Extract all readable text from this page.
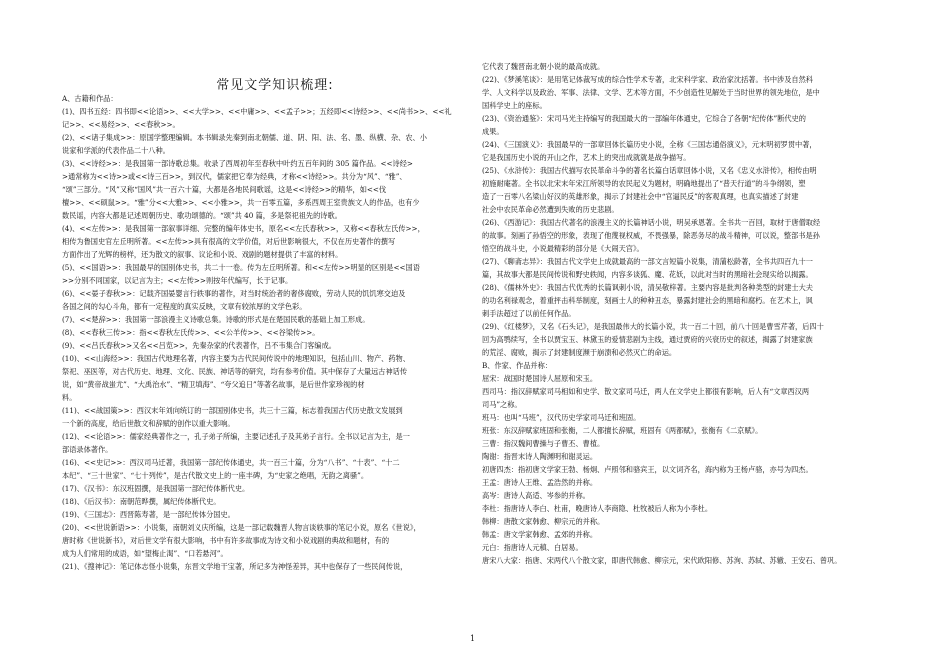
常见文学知识梳理:
A、古籍和作品：
(1)、四书五经：四书即<<论语>>、<<大学>>、<<中庸>>、<<孟子>>；五经即<<诗经>>、<<尚书>>、<<礼
记>>、<<易经>>、<<春秋>>。
(2)、<<诸子集成>>：原国学整理编辑。本书辑录先秦到南北朝儒、道、阴、阳、法、名、墨、纵横、杂、农、小
说家和学派的代表作品二十八种。
(3)、<<诗经>>：是我国第一部诗歌总集。收录了西周初年至春秋中叶约五百年间的 305 篇作品。<<诗经>
>通常称为<<诗>>或<<诗三百>>，到汉代，儒家把它奉为经典，才称<<诗经>>。共分为“风”、“雅”、
“颂”三部分。“风”又称“国风”共一百六十篇，大都是各地民间歌谣，这是<<诗经>>的精华，如<<伐
檀>>、<<硕鼠>>。“雅”分<<大雅>>、<<小雅>>，共一百零五篇，多系西周王室贵族文人的作品，也有少
数民谣，内容大都是记述周朝历史、歌功颂德的。“颂”共 40 篇，多是祭祀祖先的诗歌。
(4)、<<左传>>：是我国第一部叙事详细、完整的编年体史书，原名<<左氏春秋>>，又称<<春秋左氏传>>，
相传为鲁国史官左丘明所著。<<左传>>具有很高的文学价值，对后世影响很大，不仅在历史著作的撰写
方面作出了光辉的榜样，还为散文的叙事、议论和小说、戏剧的题材提供了丰富的材料。
(5)、<<国语>>：我国最早的国别体史书，共二十一卷。传为左丘明所著。和<<左传>>明显的区别是<<国语
>>分别不同国家，以记言为主；<<左传>>则按年代编写，长于记事。
(6)、<<晏子春秋>>：记载齐国晏婴言行轶事的著作，对当时统治者的奢侈腐败，劳动人民的饥饥寒交迫及
各国之间的勾心斗角，都有一定程度的真实反映，文章有较浓厚的文学色彩。
(7)、<<楚辞>>：我国第一部浪漫主义诗歌总集。诗歌的形式是在楚国民歌的基础上加工形成。
(8)、<<春秋三传>>：指<<春秋左氏传>>、<<公羊传>>、<<谷梁传>>。
(9)、<<吕氏春秋>>又名<<吕览>>，先秦杂家的代表著作，吕不韦集合门客编成。
(10)、<<山海经>>：我国古代地理名著，内容主要为古代民间传说中的地理知识，包括山川、物产、药物、
祭祀、巫医等，对古代历史、地理、文化、民族、神话等的研究，均有参考价值。其中保存了大量远古神话传
说，如“黄帝战蚩尤”、“大禹治水”、“精卫填海”、“夸父追日”等著名故事，是后世作家珍视的材
料。
(11)、<<战国策>>：西汉末年刘向统订的一部国别体史书，共三十三篇，标志着我国古代历史散文发展到
一个新的高度，给后世散文和辞赋的创作以重大影响。
(12)、<<论语>>：儒家经典著作之一，孔子弟子所编，主要记述孔子及其弟子言行。全书以记言为主，是一
部语录体著作。
(16)、<<史记>>：西汉司马迁著，我国第一部纪传体通史，共一百三十篇，分为“八书”、“十表”、“十二
本纪”、“三十世家”、“七十列传”，是古代散文史上的一座丰碑，为“史家之绝唱，无韵之离骚”。
(17)、《汉书》：东汉班固撰，是我国第一部纪传体断代史。
(18)、《后汉书》：南朝范晔撰，属纪传体断代史。
(19)、《三国志》：西晋陈寿著，是一部纪传体分国史。
(20)、<<世说新语>>：小说集，南朝刘义庆所编，这是一部记载魏晋人物言谈轶事的笔记小说，原名《世说》，
唐时称《世说新书》，对后世文学有很大影响，书中有许多故事成为诗文和小说戏剧的典故和题材，有的
成为人们常用的成语，如“望梅止渴”、“口若悬河”。
(21)、《搜神记》：笔记体志怪小说集，东晋文学地干宝著，所记多为神怪差异，其中也保存了一些民间传说，
它代表了魏晋南北朝小说的最高成就。
(22)、《梦溪笔谈》：是用笔记体裁写成的综合性学术专著，北宋科学家、政治家沈括著。书中涉及自然科
学、人文科学以及政治、军事、法律、文学、艺术等方面，不少创造性见解处于当时世界的领先地位，是中
国科学史上的座标。
(23)、《资治通鉴》：宋司马光主持编写的我国最大的一部编年体通史，它综合了各朝“纪传体”断代史的
成果。
(24)、《三国演义》：我国最早的一部章回体长篇历史小说，全称《三国志通俗演义》，元末明初罗贯中著，
它是我国历史小说的开山之作，艺术上的突出成就就是战争描写。
(25)、《水浒传》：我国古代描写农民革命斗争的著名长篇白话章回体小说，又名《忠义水浒传》，相传由明
初施耐庵著。全书以北宋末年宋江所领导的农民起义为题材，明确地提出了“普天行道”的斗争纲领，塑
造了一百零八名梁山好汉的英雄形象，揭示了封建社会中“官逼民反”的客观真理，也真实描述了封建
社会中农民革命必然遭到失败的历史悲剧。
(26)、《西游记》：我国古代著名的浪漫主义的长篇神话小说，明吴承恩著。全书共一百回，取材于唐僧取经
的故事。刻画了孙悟空的形象，表现了他蔑视权威，不畏强暴，除恶务尽的战斗精神，可以说，整部书是孙
悟空的战斗史，小说最精彩的部分是《大闹天宫》。
(27)、《聊斋志异》：我国古代文学史上成就最高的一部文言短篇小说集，清蒲松龄著，全书共四百九十一
篇，其故事大都是民间传说和野史轶闻，内容多谈狐、魔、花妖，以此对当时的黑暗社会现实给以揭露。
(28)、《儒林外史》：我国古代优秀的长篇讽刺小说，清吴敬梓著。主要内容是批判各种类型的封建士大夫
的功名利禄观念，着重抨击科举制度，刻画士人的种种丑态，暴露封建社会的黑暗和腐朽。在艺术上，讽
刺手法超过了以前任何作品。
(29)、《红楼梦》，又名《石头记》，是我国最伟大的长篇小说，共一百二十回，前八十回是曹雪芹著，后四十
回为高鹗续写，全书以贾宝玉、林黛玉的爱情悲剧为主线，通过贾府的兴衰历史的叙述，揭露了封建家族
的荒淫、腐败，揭示了封建制度濒于崩溃和必然灭亡的命运。
B、作家、作品并称：
屈宋：战国时楚国诗人屈原和宋玉。
西司马：指汉辞赋家司马相如和史学、散文家司马迁，两人在文学史上都很有影响，后人有“文章西汉两
司马”之称。
班马：也叫“马班”，汉代历史学家司马迁和班固。
班张：东汉辞赋家班固和张衡，二人都擅长辞赋，班固有《两都赋》，张衡有《二京赋》。
三曹：指汉魏间曹操与子曹丕、曹植。
陶谢：指晋末诗人陶渊明和谢灵运。
初唐四杰：指初唐文学家王勃、杨炯、卢照邻和骆宾王，以文词齐名，海内称为王杨卢骆，亦号为四杰。
王孟：唐诗人王维、孟浩然的并称。
高岑：唐诗人高适、岑参的并称。
李杜：指唐诗人李白、杜甫，晚唐诗人李商隐、杜牧被后人称为小李杜。
韩柳：唐散文家韩愈、柳宗元的并称。
韩孟：唐文学家韩愈、孟郊的并称。
元白：指唐诗人元稹、白居易。
唐宋八大家：指唐、宋两代八个散文家，即唐代韩愈、柳宗元，宋代欧阳修、苏洵、苏轼、苏辙、王安石、曾巩。
1
